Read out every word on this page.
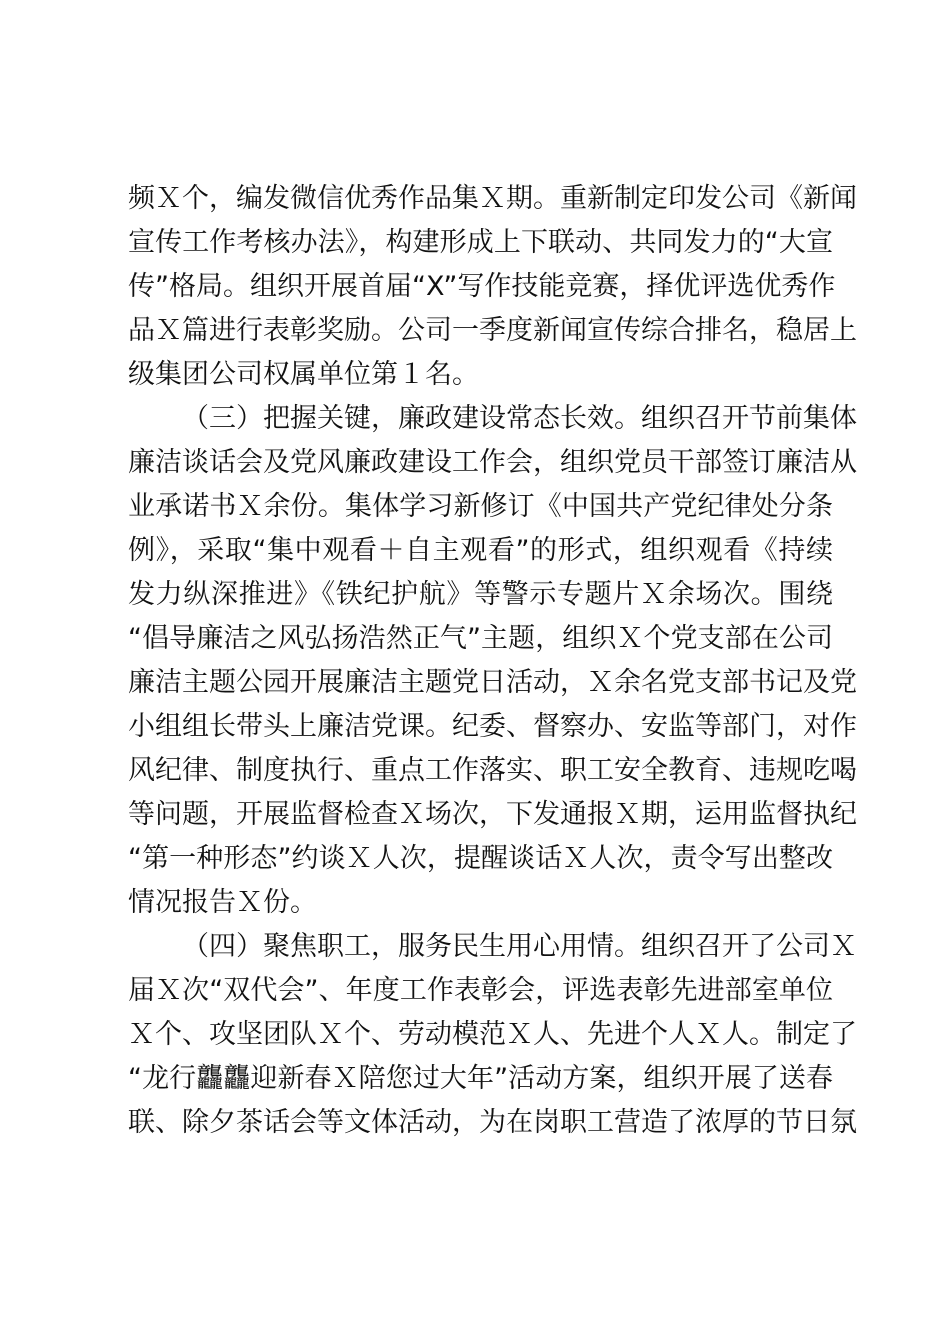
频Ｘ个，编发微信优秀作品集Ｘ期。重新制定印发公司《新闻
宣传工作考核办法》，构建形成上下联动、共同发力的“大宣
传”格局。组织开展首届“X”写作技能竞赛，择优评选优秀作
品Ｘ篇进行表彰奖励。公司一季度新闻宣传综合排名，稳居上
级集团公司权属单位第１名。
（三）把握关键，廉政建设常态长效。组织召开节前集体
廉洁谈话会及党风廉政建设工作会，组织党员干部签订廉洁从
业承诺书Ｘ余份。集体学习新修订《中国共产党纪律处分条
例》，采取“集中观看＋自主观看”的形式，组织观看《持续
发力纵深推进》《铁纪护航》等警示专题片Ｘ余场次。围绕
“倡导廉洁之风弘扬浩然正气”主题，组织Ｘ个党支部在公司
廉洁主题公园开展廉洁主题党日活动，Ｘ余名党支部书记及党
小组组长带头上廉洁党课。纪委、督察办、安监等部门，对作
风纪律、制度执行、重点工作落实、职工安全教育、违规吃喝
等问题，开展监督检查Ｘ场次，下发通报Ｘ期，运用监督执纪
“第一种形态”约谈Ｘ人次，提醒谈话Ｘ人次，责令写出整改
情况报告Ｘ份。
（四）聚焦职工，服务民生用心用情。组织召开了公司Ｘ
届Ｘ次“双代会”、年度工作表彰会，评选表彰先进部室单位
Ｘ个、攻坚团队Ｘ个、劳动模范Ｘ人、先进个人Ｘ人。制定了
“龙行龘龘迎新春Ｘ陪您过大年”活动方案，组织开展了送春
联、除夕茶话会等文体活动，为在岗职工营造了浓厚的节日氛
